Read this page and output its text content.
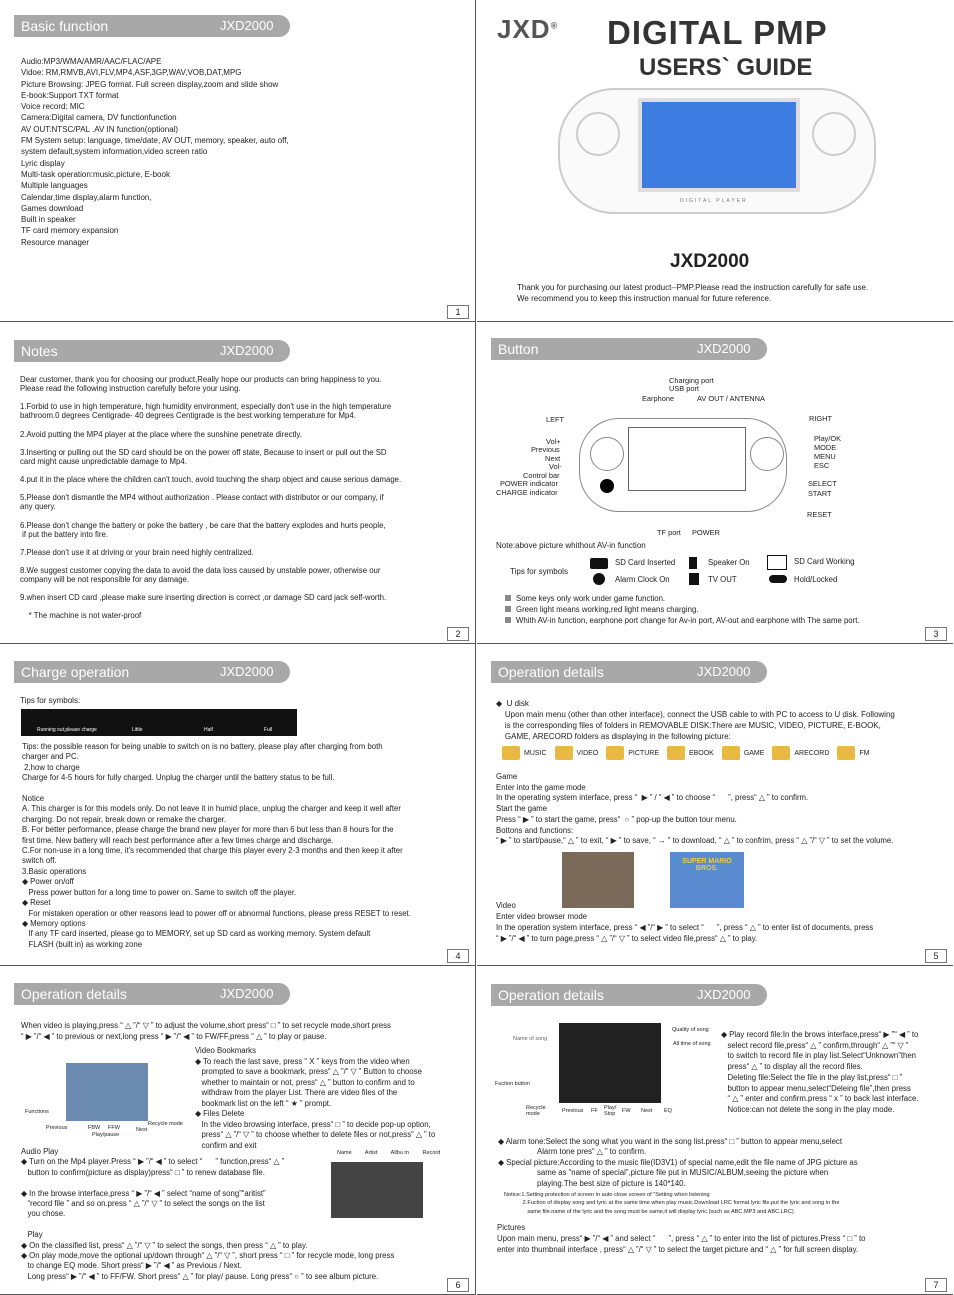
Basic function	JXD2000
Audio:MP3/WMA/AMR/AAC/FLAC/APE
Vidoe: RM,RMVB,AVI,FLV,MP4,ASF,3GP,WAV,VOB,DAT,MPG
Picture Browsing: JPEG format. Full screen display,zoom and slide show
E-book:Support TXT format
Voice record: MIC
Camera:Digital camera, DV functionfunction
AV OUT:NTSC/PAL .AV IN function(optional)
FM System setup: language, time/date, AV OUT, memory, speaker, auto off,
system default,system information,video screen ratio
Lyric display
Multi-task operation:music,picture, E-book
Multiple languages
Calendar,time display,alarm function,
Games download
Built in speaker
TF card memory expansion
Resource manager
1
JXD® DIGITAL PMP
USERS` GUIDE
DIGITAL PLAYER
JXD2000
Thank you for purchasing our latest product--PMP.Please read the instruction carefully for safe use.
We recommend you to keep this instruction manual for future reference.
Notes	JXD2000
Dear customer, thank you for choosing our product,Really hope our products can bring happiness to you.
Please read the following instruction carefully before your using.

1.Forbid to use in high temperature, high humidity environment, especially don't use in the high temperature
bathroom.0 degrees Centigrade- 40 degrees Centigrade is the best working temperature for Mp4.

2.Avoid putting the MP4 player at the place where the sunshine penetrate directly.

3.Inserting or pulling out the SD card should be on the power off state, Because to insert or pull out the SD
card might cause unpredictable damage to Mp4.

4.put it in the place where the children can't touch, avoid touching the sharp object and cause serious damage.

5.Please don't dismantle the MP4 without authorization . Please contact with distributor or our company, if
any query.

6.Please don't change the battery or poke the battery , be care that the battery explodes and hurts people,
if put the battery into fire.

7.Please don't use it at driving or your brain need highly centralized.

8.We suggest customer copying the data to avoid the data loss caused by unstable power, otherwise our
company will be not responsible for any damage.

9.when insert CD card ,please make sure inserting direction is correct ,or damage SD card jack self-worth.

* The machine is not water-proof
2
Button	JXD2000
Charging port
USB port
Earphone	AV OUT / ANTENNA
LEFT	RIGHT
Vol+
Previous
Next
Vol-
Control bar
POWER indicator
CHARGE indicator
Play/OK
MODE
MENU
ESC
SELECT
START
RESET
TF port POWER
Note:above picture whithout AV-in function
Tips for symbols
SD Card Inserted	Speaker On	SD Card Working
Alarm Clock On	TV OUT	Hold/Locked
Some keys only work under game function.
Green light means working,red light means charging.
Whith AV-in function, earphone port change for Av-in port, AV-out and earphone with The same port.
3
Charge operation	JXD2000
Tips for symbols:
Running out,please charge	Little	Half	Full
Tips: the possible reason for being unable to switch on is no battery, please play after charging from both
charger and PC.
2,how to charge
Charge for 4-5 hours for fully charged. Unplug the charger until the battery status to be full.

Notice
A. This charger is for this models only. Do not leave it in humid place, unplug the charger and keep it well after
charging. Do not repair, break down or remake the charger.
B. For better performance, please charge the brand new player for more than 6 but less than 8 hours for the
first time. New battery will reach best performance after a few times charge and discharge.
C.For non-use in a long time, it's recommended that charge this player every 2-3 months and then keep it after
switch off.
3.Basic operations
◆ Power on/off
Press power button for a long time to power on. Same to switch off the player.
◆ Reset
For mistaken operation or other reasons lead to power off or abnormal functions, please press RESET to reset.
◆ Memory options
If any TF card inserted, please go to MEMORY, set up SD card as working memory. System default
FLASH (built in) as working zone
4
Operation details	JXD2000
◆  U disk
Upon main menu (other than other interface), connect the USB cable to with PC to access to U disk. Following
is the corresponding files of folders in REMOVABLE DISK:There are MUSIC, VIDEO, PICTURE, E-BOOK,
GAME, ARECORD folders as displaying in the following picture:
MUSIC	VIDEO	PICTURE	EBOOK	GAME	ARECORD	FM
Game
Enter into the game mode
In the operating system interface, press “  ▶ ” / “ ◀ ” to choose “      ”, press“ △ ” to confirm.
Start the game
Press “ ▶ ” to start the game, press“  ○ ” pop-up the button tour menu.
Bottons and functions:
“ ▶ ” to start/pause,“ △ ” to exit, “ ▶ ” to save, “ → ” to download, “ △ ” to confrim, press “ △ ”/“ ▽ ” to set the volume.
SUPER MARIO BROS.
Video
Enter video browser mode
In the operation system interface, press “ ◀ ”/“ ▶ ” to select “      ”, press “ △ ” to enter list of documents, press
“ ▶ ”/“ ◀ ” to turn page,press “ △ ”/“ ▽ ” to select video file,press“ △ ” to play.
5
Operation details	JXD2000
When video is playing,press “ △ ”/“ ▽ ” to adjust the volume,short press“ □ ” to set recycle mode,short press
“ ▶ ”/“ ◀ ” to previous or next,long press “ ▶ ”/“ ◀ ” to FW/FF,press “ △ ” to play or pause.
Video Bookmarks
◆ To reach the last save, press “ X ” keys from the video when
prompted to save a bookmark, press“ △ ”/“ ▽ ” Button to choose
whether to maintain or not, press“ △ ” button to confirm and to
withdraw from the player List. There are video files of the
bookmark list on the left “ ★ ” prompt.
◆ Files Delete
In the video browsing interface, press“ □ ” to decide pop-up option,
press“ △ ”/“ ▽ ” to choose whether to delete files or not,press“ △ ” to
confirm and exit
Functions
Previous	FBW FFW
Play/pause
Next
Recycle mode
Name Artist Allbu m Record
Audio Play
◆ Turn on the Mp4 player.Press “ ▶ ”/“ ◀ ” to select “      ” function,press“ △ ”
button to confirm(picture as display)press“ □ ” to renew database file.

◆ In the browse interface,press “ ▶ ”/“ ◀ ” select “name of song”“aritist”
“record file ” and so on.press “ △ ”/“ ▽ ” to select the songs on the list
you chose.

Play
◆ On the classified list, press“ △ ”/“ ▽ ” to select the songs, then press “ △ ” to play.
◆ On play mode,move the optional up/down through“ △ ”/“ ▽ ”, short press “ □ ” for recycle mode, long press
to change EQ mode. Short press“ ▶ ”/“ ◀ ” as Previous / Next.
Long press“ ▶ ”/“ ◀ ” to FF/FW. Short press“ △ ” for play/ pause. Long press“ ○ ” to see album picture.
6
Operation details	JXD2000
Name of song
Quality of song
All time of song
Fuction button
Recycle mode	Previous FF Play/ Stop	FW Next EQ
◆ Play record file:In the brows interface,press“ ▶ ”“ ◀ ” to
select record file,press“ △ ” confirm,through“ △ ”“ ▽ ”
to switch to record file in play list.Select“Unknown”then
press“ △ ” to display all the record files.
Deleting file:Select the file in the play list,press“ □ ”
button to appear menu,select“Deleing file”,then press
“ △ ” enter and confirm.press “ x ” to back last interface.
Notice:can not delete the song in the play mode.
◆ Alarm tone:Select the song what you want in the song list.press“ □ ” button to appear menu,select
Alarm tone pres“ △ ” to confirm.
◆ Special picture:According to the music file(ID3V1) of special name,edit the file name of JPG picture as
same as “name of special”,picture file put in MUSIC/ALBUM,seeing the picture when
playing.The best size of picture is 140*140.
Notice:1.Setting protection of screen in auto close screen of "Setting when listening
2.Fuction of display song and lyric at the same time when play music.Download LRC format lyric file.put the lyric and song in the
same file.name of the lyric and the song must be same,it will display lyric.(such as ABC.MP3 and ABC.LRC)
Pictures
Upon main menu, press“ ▶ ”/“ ◀ ” and select “      ”, press “ △ ” to enter into the list of pictures.Press “ □ ” to
enter into thumbnail interface , press“ △ ”/“ ▽ ” to select the target picture and “ △ ” for full screen display.
7
